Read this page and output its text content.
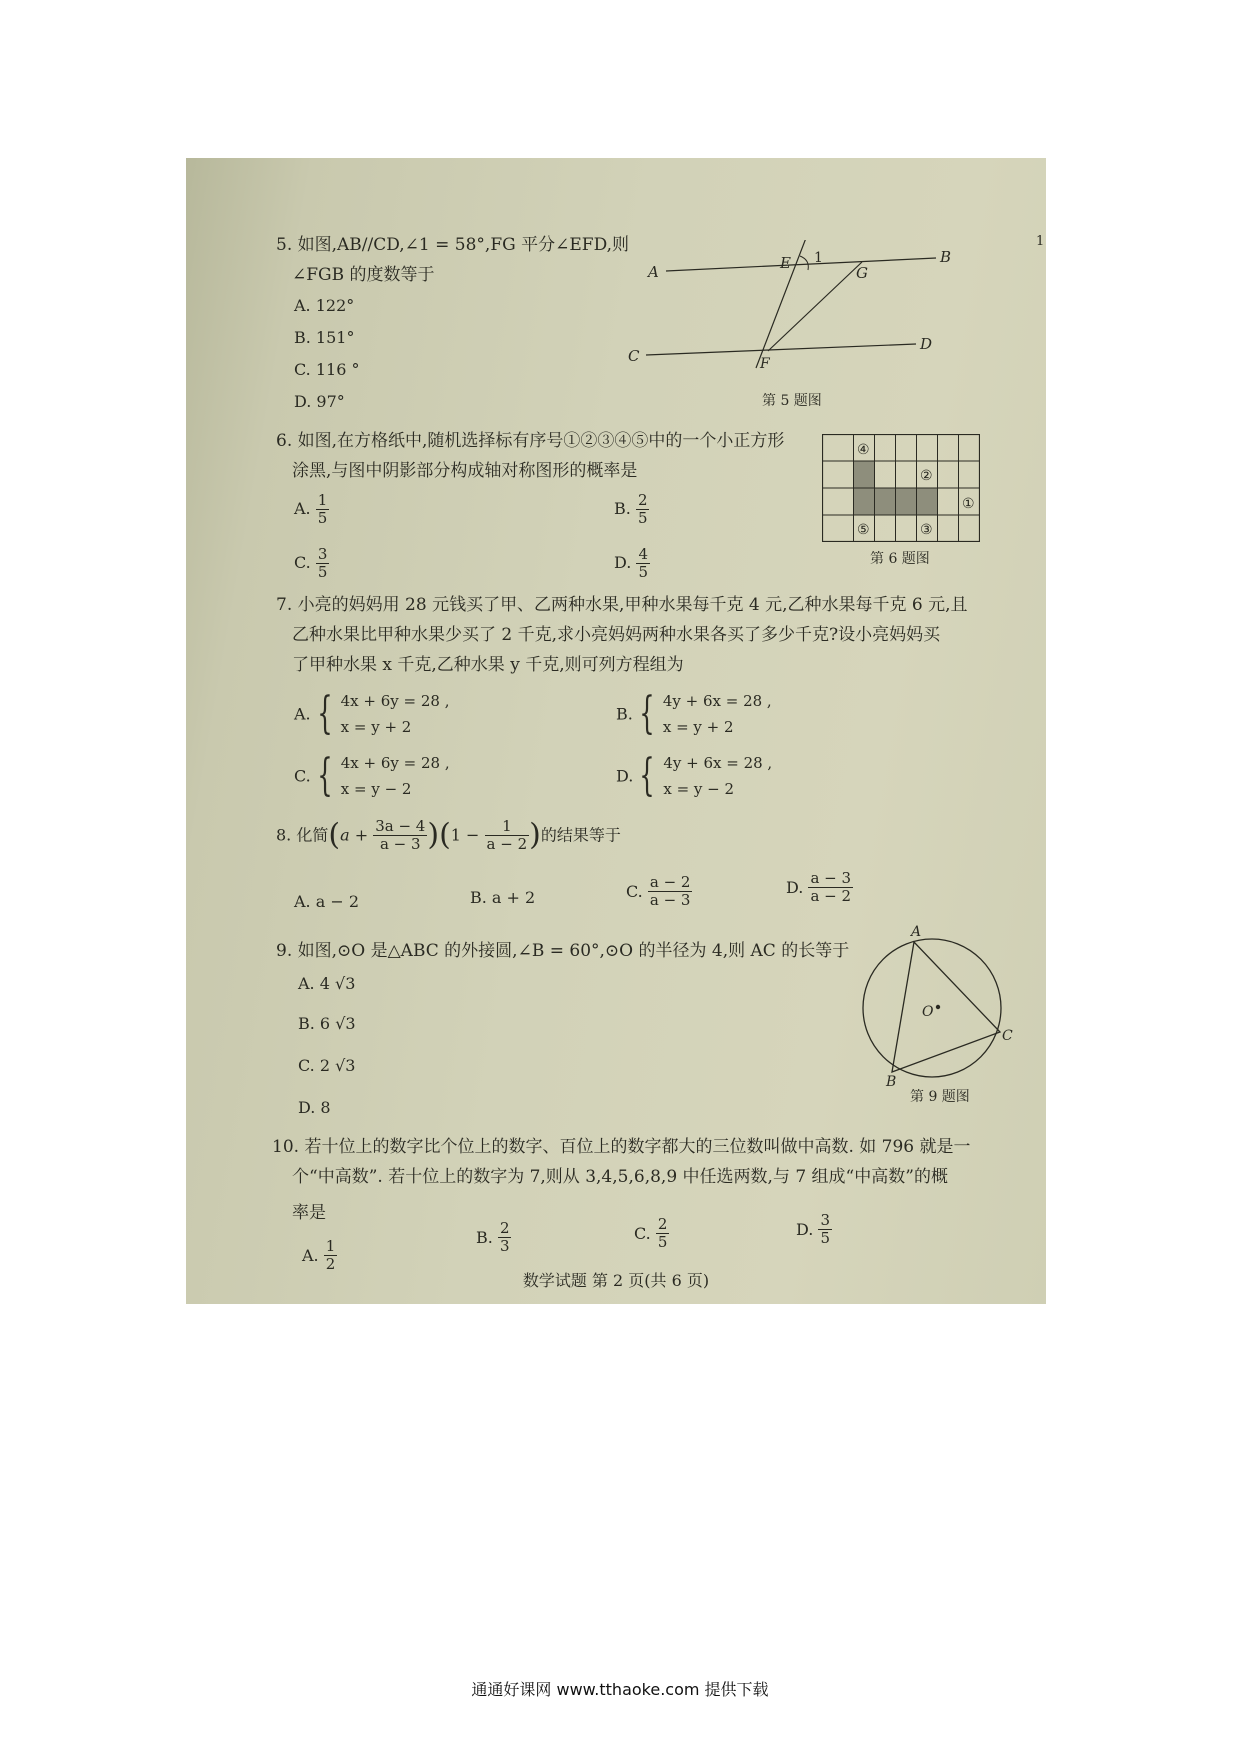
5. 如图,AB//CD,∠1 = 58°,FG 平分∠EFD,则
∠FGB 的度数等于
A. 122°
B. 151°
C. 116 °
D. 97°
A
B
C
D
E
F
G
1
第 5 题图
6. 如图,在方格纸中,随机选择标有序号①②③④⑤中的一个小正方形
涂黑,与图中阴影部分构成轴对称图形的概率是
A. $\frac{1}{5}$	B. $\frac{2}{5}$
C. $\frac{3}{5}$	D. $\frac{4}{5}$
④
②
①
⑤	③
第 6 题图
7. 小亮的妈妈用 28 元钱买了甲、乙两种水果,甲种水果每千克 4 元,乙种水果每千克 6 元,且
乙种水果比甲种水果少买了 2 千克,求小亮妈妈两种水果各买了多少千克?设小亮妈妈买
了甲种水果 x 千克,乙种水果 y 千克,则可列方程组为
A. { 4x + 6y = 28 ,
x = y + 2
B. { 4y + 6x = 28 ,
x = y + 2
C. { 4x + 6y = 28 ,
x = y − 2
D. { 4y + 6x = 28 ,
x = y − 2
8. 化简$(a + \frac{3a - 4}{a - 3} )(1 - \frac{1}{a - 2}$ )的结果等于
A. a − 2	B. a + 2	C. $\frac{a - 2}{a - 3}$	D. $\frac{a - 3}{a - 2}$
9. 如图,⊙O 是△ABC 的外接圆,∠B = 60°,⊙O 的半径为 4,则 AC 的长等于
A. 4 √3
B. 6 √3
C. 2 √3
D. 8
A
B
C
O
第 9 题图
10. 若十位上的数字比个位上的数字、百位上的数字都大的三位数叫做中高数. 如 796 就是一
个“中高数”. 若十位上的数字为 7,则从 3,4,5,6,8,9 中任选两数,与 7 组成“中高数”的概
率是
A. $\frac{1}{2}$
B. $\frac{2}{3}$	C. $\frac{2}{5}$	D. $\frac{3}{5}$
数学试题 第 2 页(共 6 页)
1
通通好课网 www.tthaoke.com 提供下载
